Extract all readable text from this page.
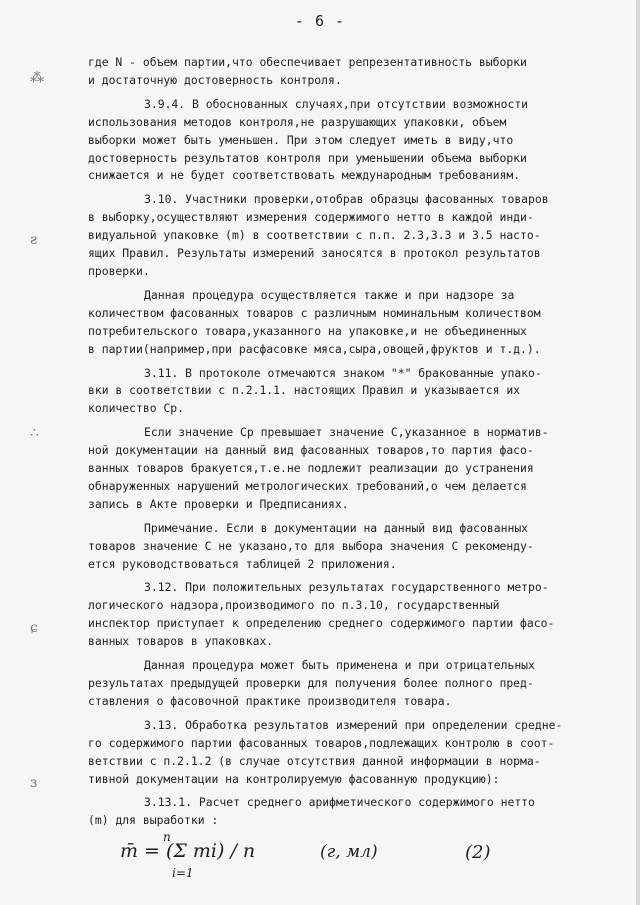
- 6 -
где N - объем партии,что обеспечивает репрезентативность выборки
и достаточную достоверность контроля.
3.9.4. В обоснованных случаях,при отсутствии возможности
использования методов контроля,не разрушающих упаковки, объем
выборки может быть уменьшен. При этом следует иметь в виду,что
достоверность результатов контроля при уменьшении объема выборки
снижается и не будет соответствовать международным требованиям.
3.10. Участники проверки,отобрав образцы фасованных товаров
в выборку,осуществляют измерения содержимого нетто в каждой инди-
видуальной упаковке (m) в соответствии с п.п. 2.3,3.3 и 3.5 насто-
ящих Правил. Результаты измерений заносятся в протокол результатов
проверки.
Данная процедура осуществляется также и при надзоре за
количеством фасованных товаров с различным номинальным количеством
потребительского товара,указанного на упаковке,и не объединенных
в партии(например,при расфасовке мяса,сыра,овощей,фруктов и т.д.).
3.11. В протоколе отмечаются знаком "*" бракованные упако-
вки в соответствии с п.2.1.1. настоящих Правил и указывается их
количество Ср.
Если значение Ср превышает значение С,указанное в норматив-
ной документации на данный вид фасованных товаров,то партия фасо-
ванных товаров бракуется,т.е.не подлежит реализации до устранения
обнаруженных нарушений метрологических требований,о чем делается
запись в Акте проверки и Предписаниях.
Примечание. Если в документации на данный вид фасованных
товаров значение С не указано,то для выбора значения С рекоменду-
ется руководствоваться таблицей 2 приложения.
3.12. При положительных результатах государственного метро-
логического надзора,производимого по п.3.10, государственный
инспектор приступает к определению среднего содержимого партии фасо-
ванных товаров в упаковках.
Данная процедура может быть применена и при отрицательных
результатах предыдущей проверки для получения более полного пред-
ставления о фасовочной практике производителя товара.
3.13. Обработка результатов измерений при определении средне-
го содержимого партии фасованных товаров,подлежащих контролю в соот-
ветствии с п.2.1.2 (в случае отсутствия данной информации в норма-
тивной документации на контролируемую фасованную продукцию):
3.13.1. Расчет среднего арифметического содержимого нетто
(m) для выработки :
m̄ = (Σ mi) / n
n
i=1
(г, мл)	(2)
⁂
ƨ
∴
ɕ
ɜ
